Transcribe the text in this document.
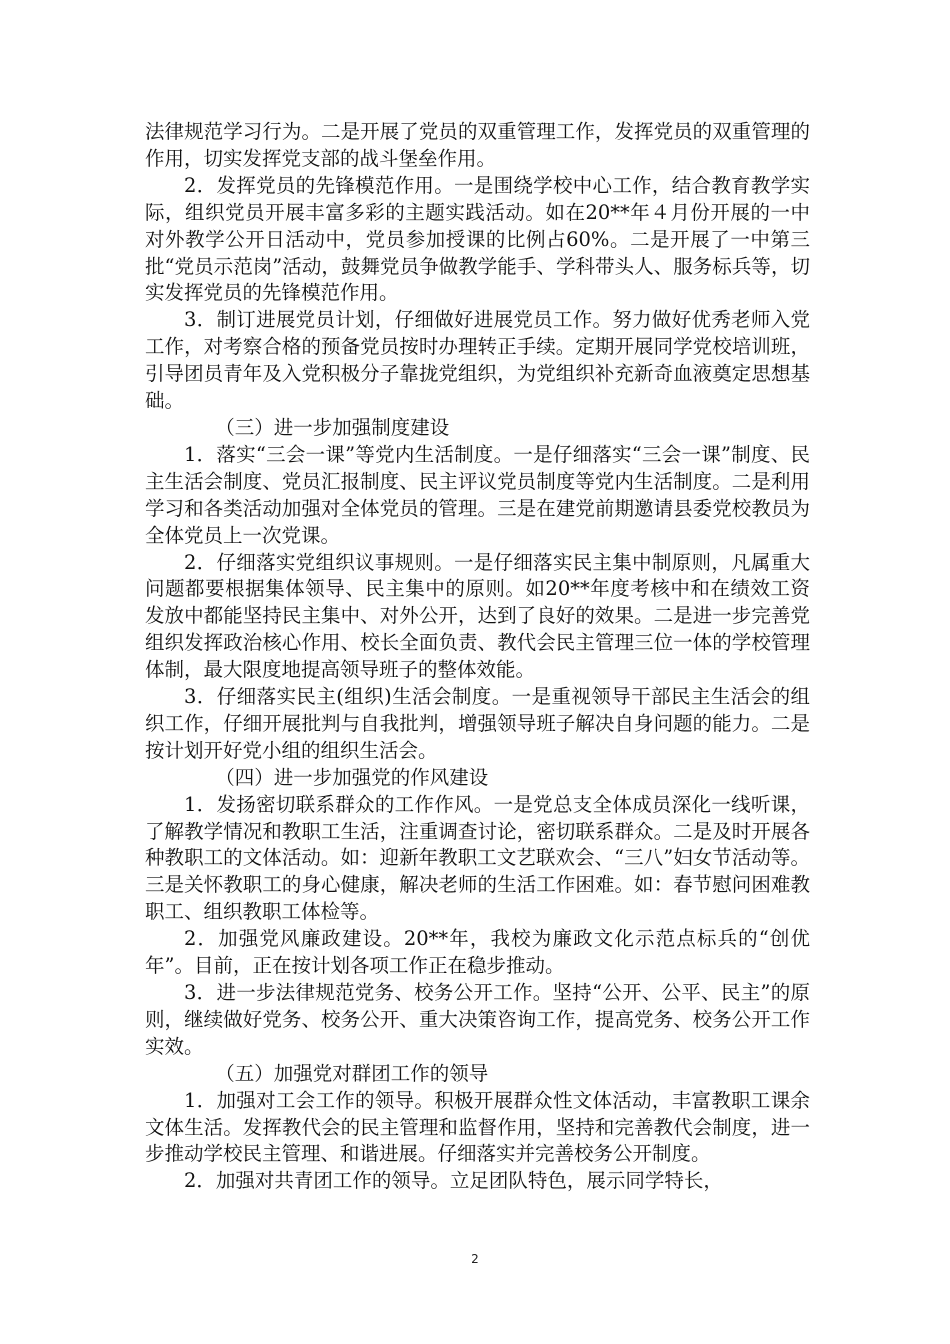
法律规范学习行为。二是开展了党员的双重管理工作，发挥党员的双重管理的作用，切实发挥党支部的战斗堡垒作用。

2．发挥党员的先锋模范作用。一是围绕学校中心工作，结合教育教学实际，组织党员开展丰富多彩的主题实践活动。如在20**年４月份开展的一中对外教学公开日活动中，党员参加授课的比例占60%。二是开展了一中第三批“党员示范岗”活动，鼓舞党员争做教学能手、学科带头人、服务标兵等，切实发挥党员的先锋模范作用。

3．制订进展党员计划，仔细做好进展党员工作。努力做好优秀老师入党工作，对考察合格的预备党员按时办理转正手续。定期开展同学党校培训班，引导团员青年及入党积极分子靠拢党组织，为党组织补充新奇血液奠定思想基础。

（三）进一步加强制度建设

1．落实“三会一课”等党内生活制度。一是仔细落实“三会一课”制度、民主生活会制度、党员汇报制度、民主评议党员制度等党内生活制度。二是利用学习和各类活动加强对全体党员的管理。三是在建党前期邀请县委党校教员为全体党员上一次党课。

2．仔细落实党组织议事规则。一是仔细落实民主集中制原则，凡属重大问题都要根据集体领导、民主集中的原则。如20**年度考核中和在绩效工资发放中都能坚持民主集中、对外公开，达到了良好的效果。二是进一步完善党组织发挥政治核心作用、校长全面负责、教代会民主管理三位一体的学校管理体制，最大限度地提高领导班子的整体效能。

3．仔细落实民主(组织)生活会制度。一是重视领导干部民主生活会的组织工作，仔细开展批判与自我批判，增强领导班子解决自身问题的能力。二是按计划开好党小组的组织生活会。

（四）进一步加强党的作风建设

1．发扬密切联系群众的工作作风。一是党总支全体成员深化一线听课，了解教学情况和教职工生活，注重调查讨论，密切联系群众。二是及时开展各种教职工的文体活动。如：迎新年教职工文艺联欢会、“三八”妇女节活动等。三是关怀教职工的身心健康，解决老师的生活工作困难。如：春节慰问困难教职工、组织教职工体检等。

2．加强党风廉政建设。20**年，我校为廉政文化示范点标兵的“创优年”。目前，正在按计划各项工作正在稳步推动。

3．进一步法律规范党务、校务公开工作。坚持“公开、公平、民主”的原则，继续做好党务、校务公开、重大决策咨询工作，提高党务、校务公开工作实效。

（五）加强党对群团工作的领导

1．加强对工会工作的领导。积极开展群众性文体活动，丰富教职工课余文体生活。发挥教代会的民主管理和监督作用，坚持和完善教代会制度，进一步推动学校民主管理、和谐进展。仔细落实并完善校务公开制度。

2．加强对共青团工作的领导。立足团队特色，展示同学特长，

2
